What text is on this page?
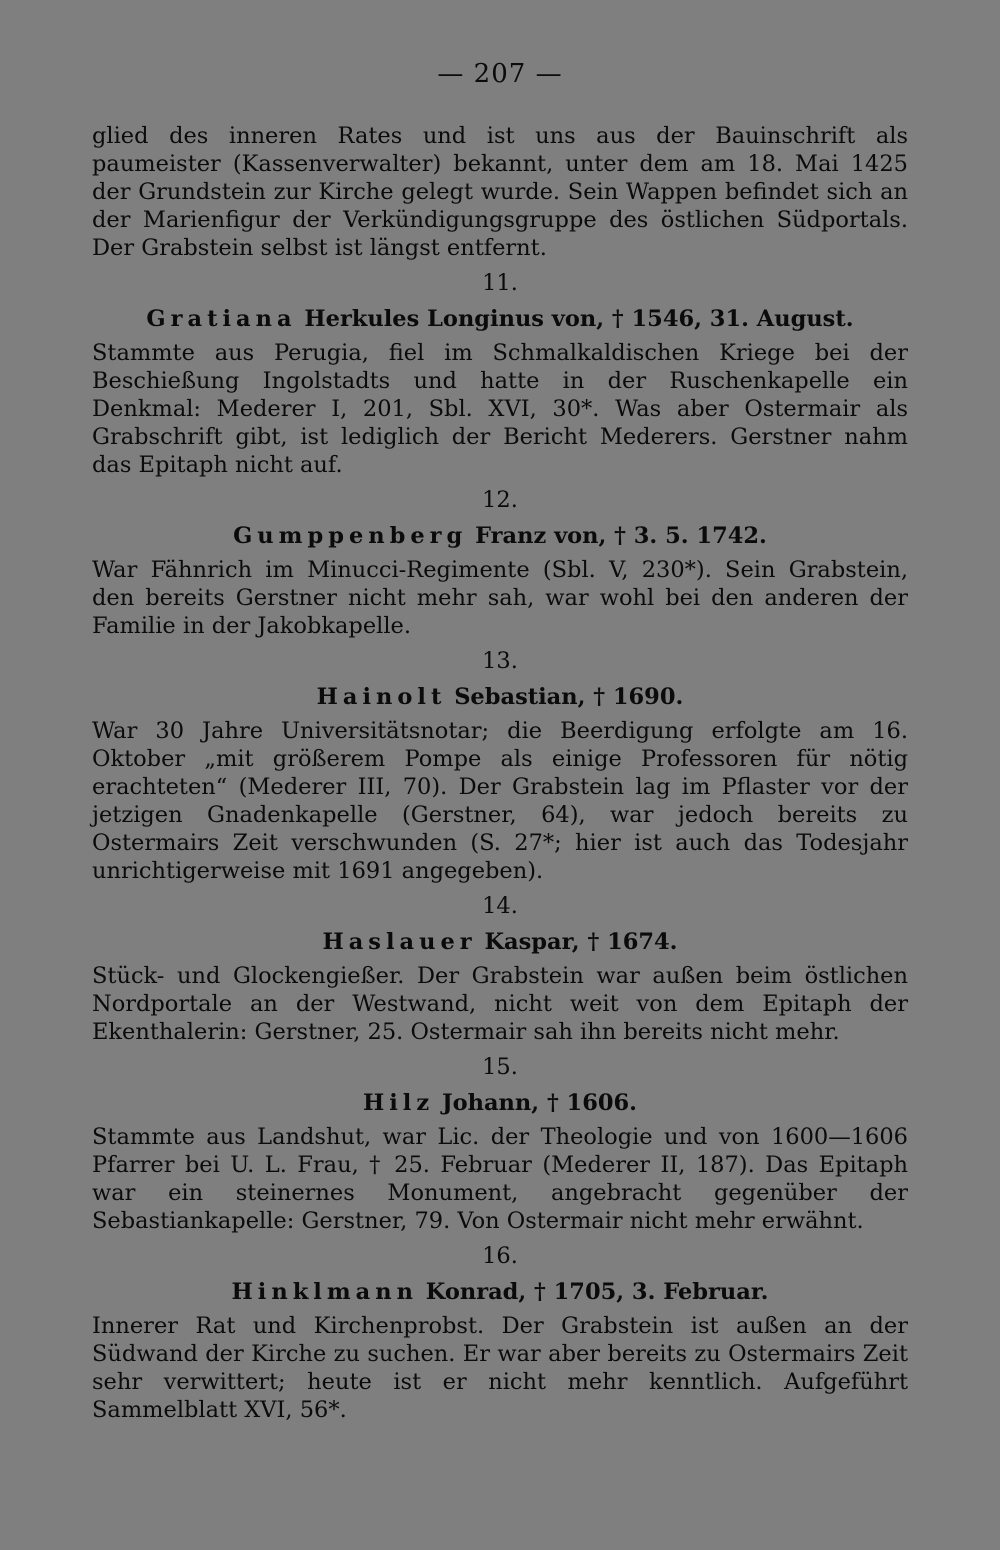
— 207 —

glied des inneren Rates und ist uns aus der Bauinschrift als paumeister (Kassenverwalter) bekannt, unter dem am 18. Mai 1425 der Grundstein zur Kirche gelegt wurde. Sein Wappen befindet sich an der Marienfigur der Verkündigungsgruppe des östlichen Südportals. Der Grabstein selbst ist längst entfernt.

11.
Gratiana Herkules Longinus von, † 1546, 31. August.

Stammte aus Perugia, fiel im Schmalkaldischen Kriege bei der Beschießung Ingolstadts und hatte in der Ruschenkapelle ein Denkmal: Mederer I, 201, Sbl. XVI, 30*. Was aber Ostermair als Grabschrift gibt, ist lediglich der Bericht Mederers. Gerstner nahm das Epitaph nicht auf.

12.
Gumppenberg Franz von, † 3. 5. 1742.

War Fähnrich im Minucci-Regimente (Sbl. V, 230*). Sein Grabstein, den bereits Gerstner nicht mehr sah, war wohl bei den anderen der Familie in der Jakobkapelle.

13.
Hainolt Sebastian, † 1690.

War 30 Jahre Universitätsnotar; die Beerdigung erfolgte am 16. Oktober „mit größerem Pompe als einige Professoren für nötig erachteten“ (Mederer III, 70). Der Grabstein lag im Pflaster vor der jetzigen Gnadenkapelle (Gerstner, 64), war jedoch bereits zu Ostermairs Zeit verschwunden (S. 27*; hier ist auch das Todesjahr unrichtigerweise mit 1691 angegeben).

14.
Haslauer Kaspar, † 1674.

Stück- und Glockengießer. Der Grabstein war außen beim östlichen Nordportale an der Westwand, nicht weit von dem Epitaph der Ekenthalerin: Gerstner, 25. Ostermair sah ihn bereits nicht mehr.

15.
Hilz Johann, † 1606.

Stammte aus Landshut, war Lic. der Theologie und von 1600—1606 Pfarrer bei U. L. Frau, † 25. Februar (Mederer II, 187). Das Epitaph war ein steinernes Monument, angebracht gegenüber der Sebastiankapelle: Gerstner, 79. Von Ostermair nicht mehr erwähnt.

16.
Hinklmann Konrad, † 1705, 3. Februar.

Innerer Rat und Kirchenprobst. Der Grabstein ist außen an der Südwand der Kirche zu suchen. Er war aber bereits zu Ostermairs Zeit sehr verwittert; heute ist er nicht mehr kenntlich. Aufgeführt Sammelblatt XVI, 56*.
